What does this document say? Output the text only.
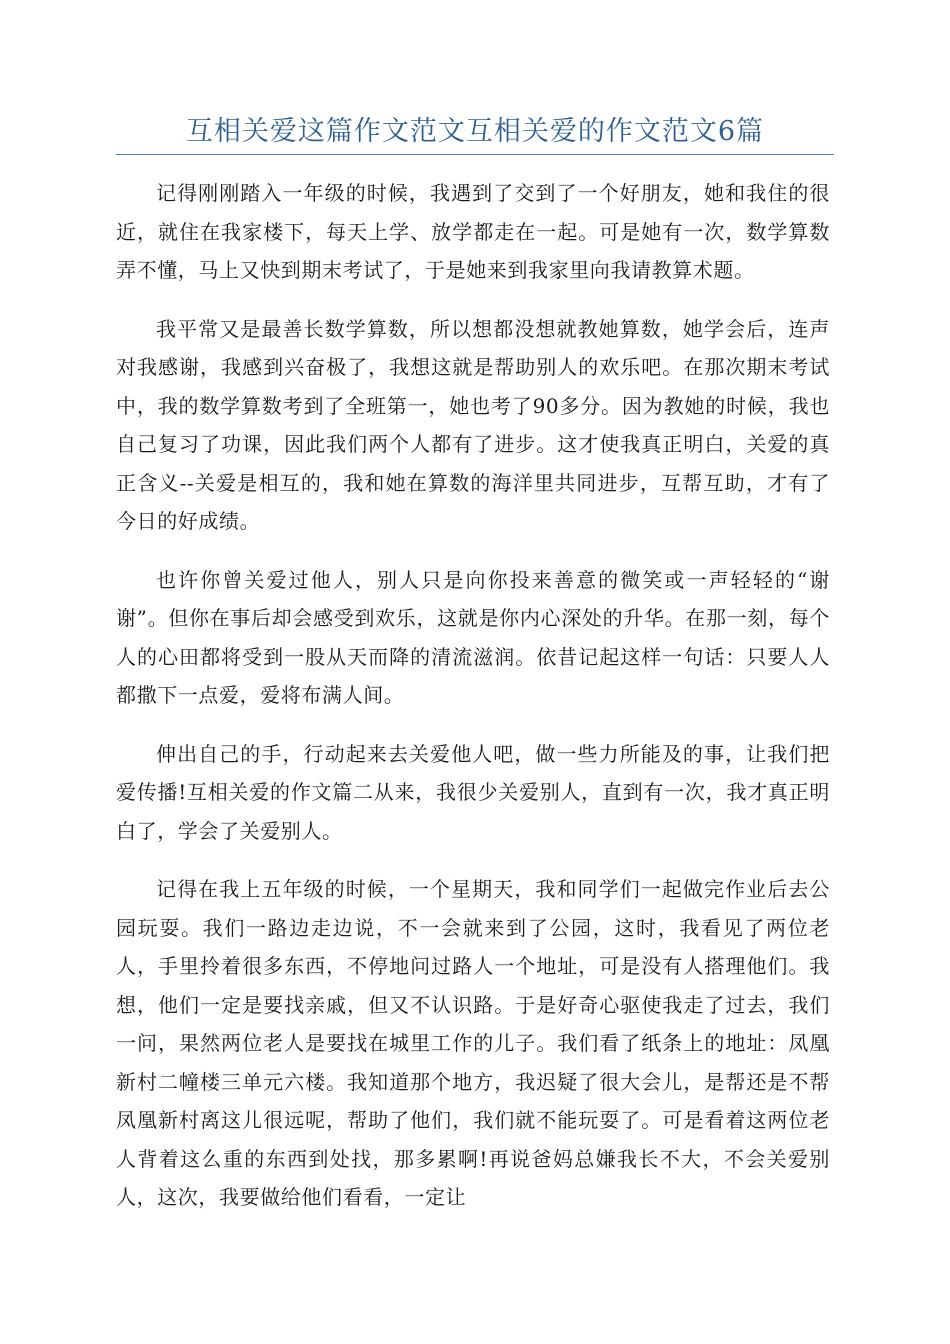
互相关爱这篇作文范文互相关爱的作文范文6篇

记得刚刚踏入一年级的时候，我遇到了交到了一个好朋友，她和我住的很近，就住在我家楼下，每天上学、放学都走在一起。可是她有一次，数学算数弄不懂，马上又快到期末考试了，于是她来到我家里向我请教算术题。

我平常又是最善长数学算数，所以想都没想就教她算数，她学会后，连声对我感谢，我感到兴奋极了，我想这就是帮助别人的欢乐吧。在那次期末考试中，我的数学算数考到了全班第一，她也考了90多分。因为教她的时候，我也自己复习了功课，因此我们两个人都有了进步。这才使我真正明白，关爱的真正含义--关爱是相互的，我和她在算数的海洋里共同进步，互帮互助，才有了今日的好成绩。

也许你曾关爱过他人，别人只是向你投来善意的微笑或一声轻轻的“谢谢”。但你在事后却会感受到欢乐，这就是你内心深处的升华。在那一刻，每个人的心田都将受到一股从天而降的清流滋润。依昔记起这样一句话：只要人人都撒下一点爱，爱将布满人间。

伸出自己的手，行动起来去关爱他人吧，做一些力所能及的事，让我们把爱传播!互相关爱的作文篇二从来，我很少关爱别人，直到有一次，我才真正明白了，学会了关爱别人。

记得在我上五年级的时候，一个星期天，我和同学们一起做完作业后去公园玩耍。我们一路边走边说，不一会就来到了公园，这时，我看见了两位老人，手里拎着很多东西，不停地问过路人一个地址，可是没有人搭理他们。我想，他们一定是要找亲戚，但又不认识路。于是好奇心驱使我走了过去，我们一问，果然两位老人是要找在城里工作的儿子。我们看了纸条上的地址：凤凰新村二幢楼三单元六楼。我知道那个地方，我迟疑了很大会儿，是帮还是不帮凤凰新村离这儿很远呢，帮助了他们，我们就不能玩耍了。可是看着这两位老人背着这么重的东西到处找，那多累啊!再说爸妈总嫌我长不大，不会关爱别人，这次，我要做给他们看看，一定让
